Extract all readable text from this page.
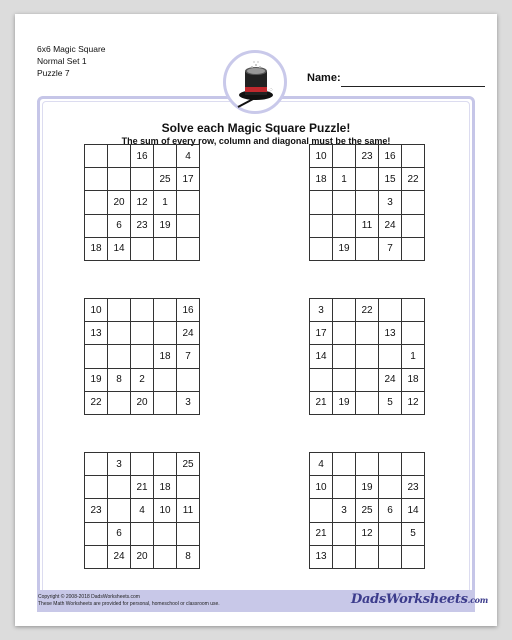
6x6 Magic Square
Normal Set 1
Puzzle 7	Name:
Solve each Magic Square Puzzle!
The sum of every row, column and diagonal must be the same!
		16		4
			25	17
	20	12	1	
	6	23	19	
18	14			
10		23	16	
18	1		15	22
			3	
		11	24	
	19		7	
10				16
13				24
			18	7
19	8	2		
22		20		3
3		22		
17			13	
14				1
			24	18
21	19		5	12
	3			25
		21	18	
23		4	10	11
	6			
	24	20		8
4				
10		19		23
	3	25	6	14
21		12		5
13				
Copyright © 2008-2018 DadsWorksheets.com
These Math Worksheets are provided for personal, homeschool or classroom use.	DadsWorksheets.com
